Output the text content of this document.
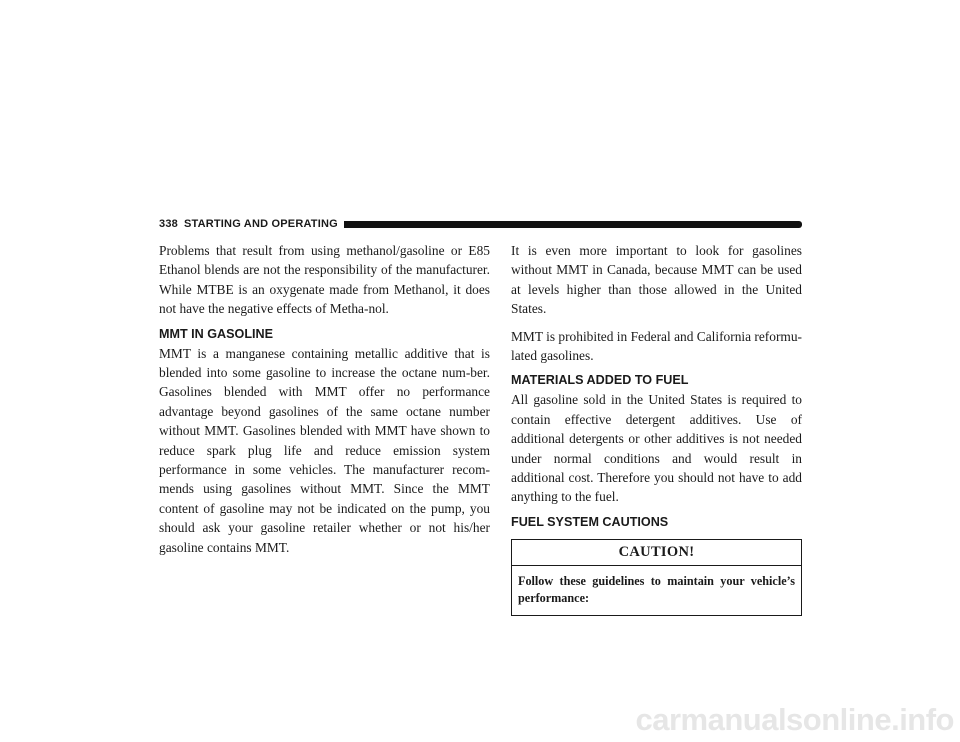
338 STARTING AND OPERATING

Problems that result from using methanol/gasoline or E85 Ethanol blends are not the responsibility of the manufacturer. While MTBE is an oxygenate made from Methanol, it does not have the negative effects of Metha-nol.

MMT IN GASOLINE

MMT is a manganese containing metallic additive that is blended into some gasoline to increase the octane num-ber. Gasolines blended with MMT offer no performance advantage beyond gasolines of the same octane number without MMT. Gasolines blended with MMT have shown to reduce spark plug life and reduce emission system performance in some vehicles. The manufacturer recom-mends using gasolines without MMT. Since the MMT content of gasoline may not be indicated on the pump, you should ask your gasoline retailer whether or not his/her gasoline contains MMT.

It is even more important to look for gasolines without MMT in Canada, because MMT can be used at levels higher than those allowed in the United States.

MMT is prohibited in Federal and California reformu-lated gasolines.

MATERIALS ADDED TO FUEL

All gasoline sold in the United States is required to contain effective detergent additives. Use of additional detergents or other additives is not needed under normal conditions and would result in additional cost. Therefore you should not have to add anything to the fuel.

FUEL SYSTEM CAUTIONS
CAUTION!
Follow these guidelines to maintain your vehicle’s performance:
carmanualsonline.info
